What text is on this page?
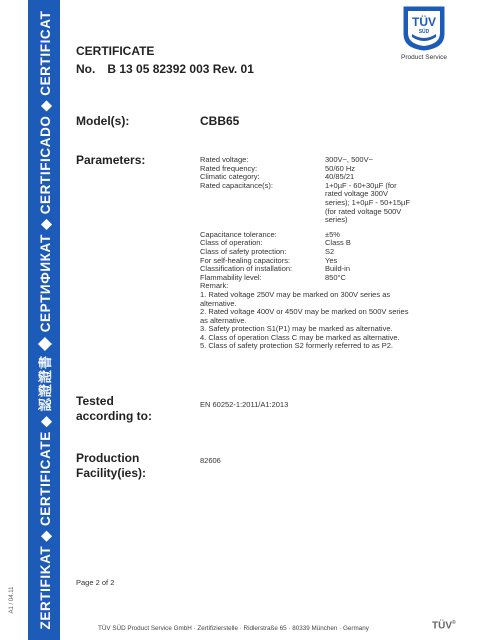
ZERTIFIKAT ◆ CERTIFICATE ◆ 認證證書 ◆ СЕРТИФИКАТ ◆ CERTIFICADO ◆ CERTIFICAT
A1 / 04.11
TÜV
SÜD
Product Service
CERTIFICATE
No. B 13 05 82392 003 Rev. 01
Model(s):	CBB65
Parameters:	Rated voltage:	300V~, 500V~
Rated frequency:	50/60 Hz
Climatic category:	40/85/21
Rated capacitance(s):	1+0µF - 60+30µF (for rated voltage 300V series); 1+0µF - 50+15µF (for rated voltage 500V series)
Capacitance tolerance:	±5%
Class of operation:	Class B
Class of safety protection:	S2
For self-healing capacitors:	Yes
Classification of installation:	Build-in
Flammability level:	850°C
Remark:
1. Rated voltage 250V may be marked on 300V series as alternative.
2. Rated voltage 400V or 450V may be marked on 500V series as alternative.
3. Safety protection S1(P1) may be marked as alternative.
4. Class of operation Class C may be marked as alternative.
5. Class of safety protection S2 formerly referred to as P2.
Tested
according to:
EN 60252-1:2011/A1:2013
Production
Facility(ies):
82606
Page 2 of 2
TÜV SÜD Product Service GmbH · Zertifizierstelle · Ridlerstraße 65 · 80339 München · Germany	TÜV®
